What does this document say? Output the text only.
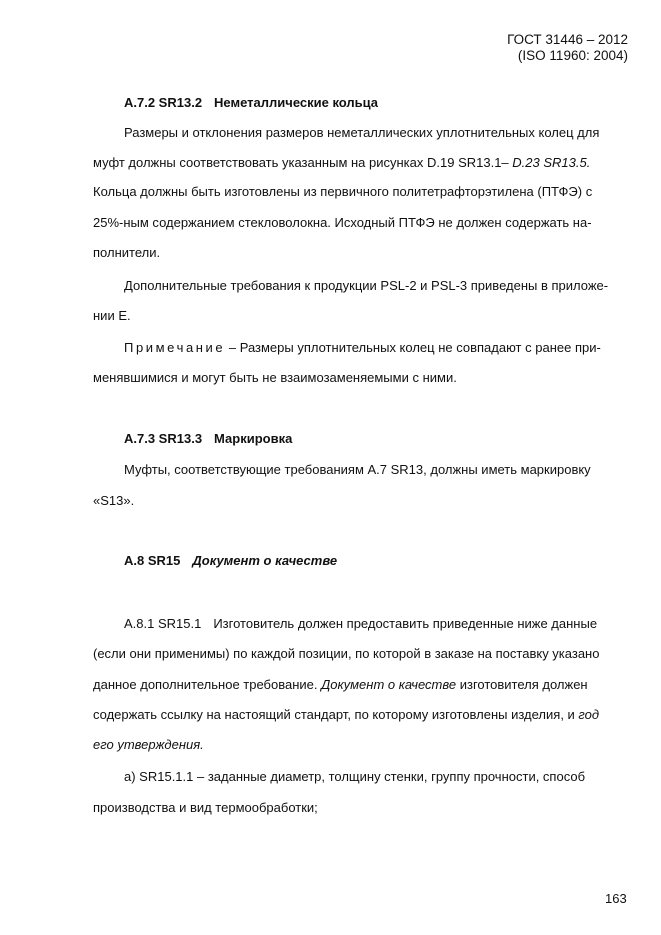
ГОСТ 31446 – 2012
(ISO 11960: 2004)
А.7.2 SR13.2 Неметаллические кольца
Размеры и отклонения размеров неметаллических уплотнительных колец для
муфт должны соответствовать указанным на рисунках D.19 SR13.1– D.23 SR13.5.
Кольца должны быть изготовлены из первичного политетрафторэтилена (ПТФЭ) с
25%-ным содержанием стекловолокна. Исходный ПТФЭ не должен содержать на-
полнители.
Дополнительные требования к продукции PSL-2 и PSL-3 приведены в приложе-
нии Е.
Примечание – Размеры уплотнительных колец не совпадают с ранее при-
менявшимися и могут быть не взаимозаменяемыми с ними.
А.7.3 SR13.3 Маркировка
Муфты, соответствующие требованиям А.7 SR13, должны иметь маркировку
«S13».
А.8 SR15 Документ о качестве
А.8.1 SR15.1 Изготовитель должен предоставить приведенные ниже данные
(если они применимы) по каждой позиции, по которой в заказе на поставку указано
данное дополнительное требование. Документ о качестве изготовителя должен
содержать ссылку на настоящий стандарт, по которому изготовлены изделия, и год
его утверждения.
а) SR15.1.1 – заданные диаметр, толщину стенки, группу прочности, способ
производства и вид термообработки;
163
